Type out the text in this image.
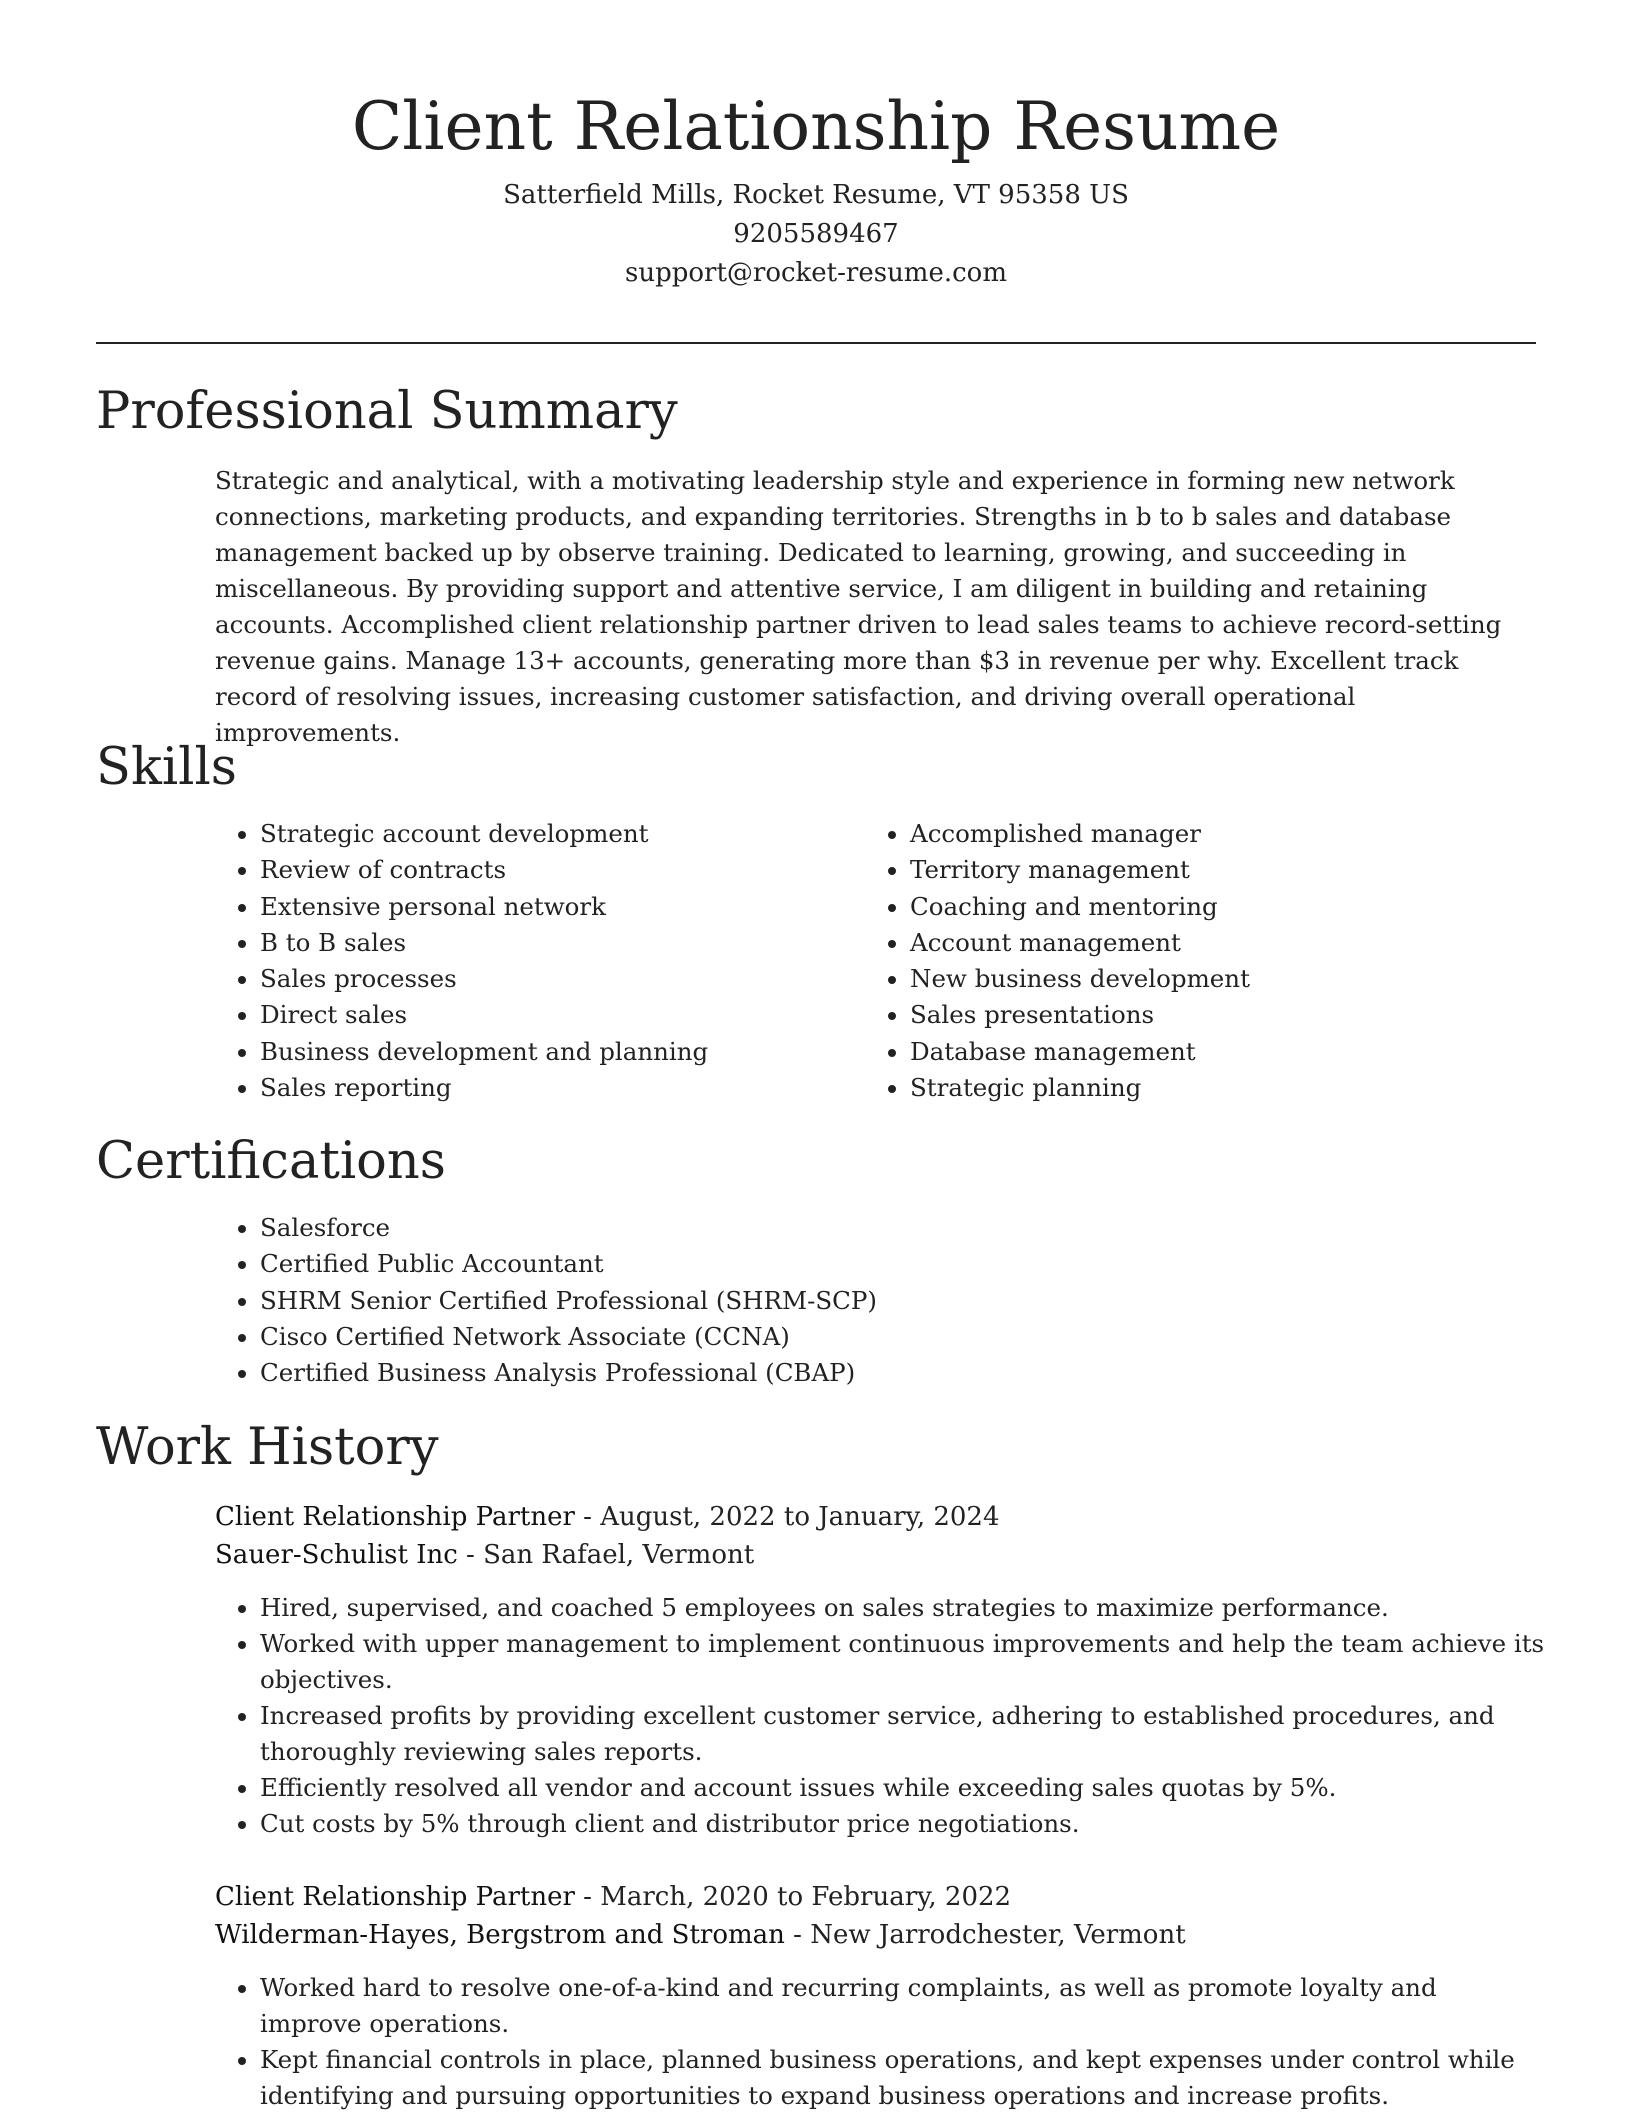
Client Relationship Resume
Satterfield Mills, Rocket Resume, VT 95358 US
9205589467
support@rocket-resume.com
Professional Summary

Strategic and analytical, with a motivating leadership style and experience in forming new network connections, marketing products, and expanding territories. Strengths in b to b sales and database management backed up by observe training. Dedicated to learning, growing, and succeeding in miscellaneous. By providing support and attentive service, I am diligent in building and retaining accounts. Accomplished client relationship partner driven to lead sales teams to achieve record-setting revenue gains. Manage 13+ accounts, generating more than $3 in revenue per why. Excellent track record of resolving issues, increasing customer satisfaction, and driving overall operational improvements.

Skills
• Strategic account development
• Review of contracts
• Extensive personal network
• B to B sales
• Sales processes
• Direct sales
• Business development and planning
• Sales reporting
• Accomplished manager
• Territory management
• Coaching and mentoring
• Account management
• New business development
• Sales presentations
• Database management
• Strategic planning
Certifications
• Salesforce
• Certified Public Accountant
• SHRM Senior Certified Professional (SHRM-SCP)
• Cisco Certified Network Associate (CCNA)
• Certified Business Analysis Professional (CBAP)
Work History
Client Relationship Partner - August, 2022 to January, 2024
Sauer-Schulist Inc - San Rafael, Vermont
• Hired, supervised, and coached 5 employees on sales strategies to maximize performance.
• Worked with upper management to implement continuous improvements and help the team achieve its objectives.
• Increased profits by providing excellent customer service, adhering to established procedures, and thoroughly reviewing sales reports.
• Efficiently resolved all vendor and account issues while exceeding sales quotas by 5%.
• Cut costs by 5% through client and distributor price negotiations.
Client Relationship Partner - March, 2020 to February, 2022
Wilderman-Hayes, Bergstrom and Stroman - New Jarrodchester, Vermont
• Worked hard to resolve one-of-a-kind and recurring complaints, as well as promote loyalty and improve operations.
• Kept financial controls in place, planned business operations, and kept expenses under control while identifying and pursuing opportunities to expand business operations and increase profits.
